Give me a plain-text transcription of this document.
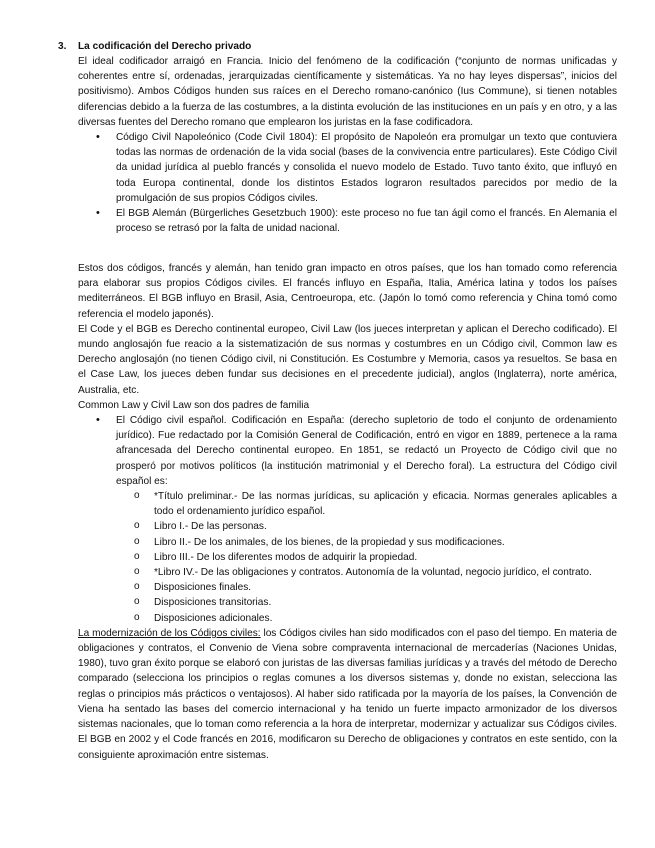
3. La codificación del Derecho privado

El ideal codificador arraigó en Francia. Inicio del fenómeno de la codificación (“conjunto de normas unificadas y coherentes entre sí, ordenadas, jerarquizadas científicamente y sistemáticas. Ya no hay leyes dispersas”, inicios del positivismo). Ambos Códigos hunden sus raíces en el Derecho romano-canónico (Ius Commune), si tienen notables diferencias debido a la fuerza de las costumbres, a la distinta evolución de las instituciones en un país y en otro, y a las diversas fuentes del Derecho romano que emplearon los juristas en la fase codificadora.

• Código Civil Napoleónico (Code Civil 1804): El propósito de Napoleón era promulgar un texto que contuviera todas las normas de ordenación de la vida social (bases de la convivencia entre particulares). Este Código Civil da unidad jurídica al pueblo francés y consolida el nuevo modelo de Estado. Tuvo tanto éxito, que influyó en toda Europa continental, donde los distintos Estados lograron resultados parecidos por medio de la promulgación de sus propios Códigos civiles.
• El BGB Alemán (Bürgerliches Gesetzbuch 1900): este proceso no fue tan ágil como el francés. En Alemania el proceso se retrasó por la falta de unidad nacional.

Estos dos códigos, francés y alemán, han tenido gran impacto en otros países, que los han tomado como referencia para elaborar sus propios Códigos civiles. El francés influyo en España, Italia, América latina y todos los países mediterráneos. El BGB influyo en Brasil, Asia, Centroeuropa, etc. (Japón lo tomó como referencia y China tomó como referencia el modelo japonés).

El Code y el BGB es Derecho continental europeo, Civil Law (los jueces interpretan y aplican el Derecho codificado). El mundo anglosajón fue reacio a la sistematización de sus normas y costumbres en un Código civil, Common law es Derecho anglosajón (no tienen Código civil, ni Constitución. Es Costumbre y Memoria, casos ya resueltos. Se basa en el Case Law, los jueces deben fundar sus decisiones en el precedente judicial), anglos (Inglaterra), norte américa, Australia, etc.

Common Law y Civil Law son dos padres de familia

• El Código civil español. Codificación en España: (derecho supletorio de todo el conjunto de ordenamiento jurídico). Fue redactado por la Comisión General de Codificación, entró en vigor en 1889, pertenece a la rama afrancesada del Derecho continental europeo. En 1851, se redactó un Proyecto de Código civil que no prosperó por motivos políticos (la institución matrimonial y el Derecho foral). La estructura del Código civil español es:
o *Título preliminar.- De las normas jurídicas, su aplicación y eficacia. Normas generales aplicables a todo el ordenamiento jurídico español.
o Libro I.- De las personas.
o Libro II.- De los animales, de los bienes, de la propiedad y sus modificaciones.
o Libro III.- De los diferentes modos de adquirir la propiedad.
o *Libro IV.- De las obligaciones y contratos. Autonomía de la voluntad, negocio jurídico, el contrato.
o Disposiciones finales.
o Disposiciones transitorias.
o Disposiciones adicionales.

La modernización de los Códigos civiles: los Códigos civiles han sido modificados con el paso del tiempo. En materia de obligaciones y contratos, el Convenio de Viena sobre compraventa internacional de mercaderías (Naciones Unidas, 1980), tuvo gran éxito porque se elaboró con juristas de las diversas familias jurídicas y a través del método de Derecho comparado (selecciona los principios o reglas comunes a los diversos sistemas y, donde no existan, selecciona las reglas o principios más prácticos o ventajosos). Al haber sido ratificada por la mayoría de los países, la Convención de Viena ha sentado las bases del comercio internacional y ha tenido un fuerte impacto armonizador de los diversos sistemas nacionales, que lo toman como referencia a la hora de interpretar, modernizar y actualizar sus Códigos civiles. El BGB en 2002 y el Code francés en 2016, modificaron su Derecho de obligaciones y contratos en este sentido, con la consiguiente aproximación entre sistemas.
